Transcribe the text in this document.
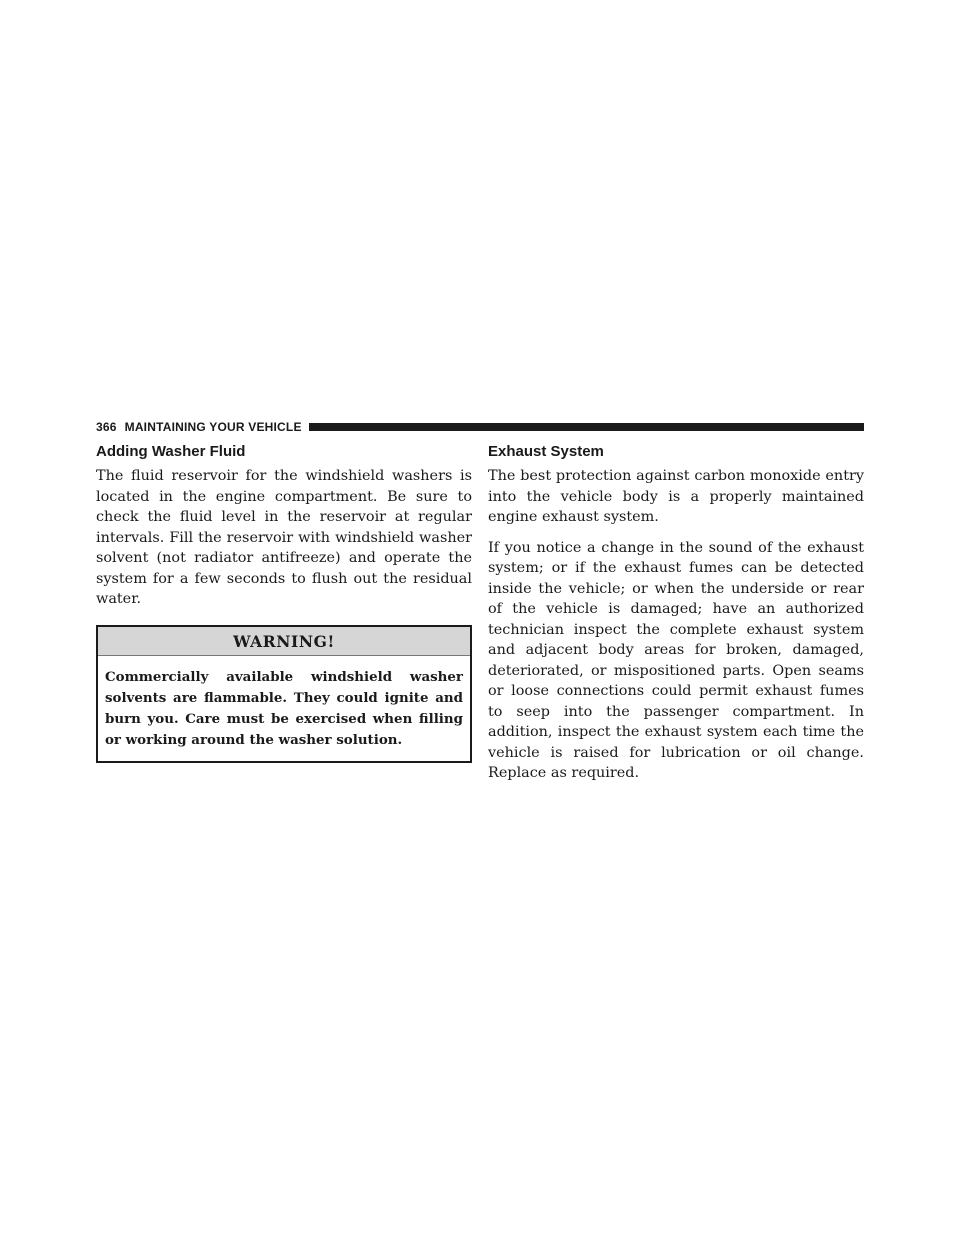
366 MAINTAINING YOUR VEHICLE
Adding Washer Fluid

The fluid reservoir for the windshield washers is located in the engine compartment. Be sure to check the fluid level in the reservoir at regular intervals. Fill the reservoir with windshield washer solvent (not radiator antifreeze) and operate the system for a few seconds to flush out the residual water.

WARNING!
Commercially available windshield washer solvents are flammable. They could ignite and burn you. Care must be exercised when filling or working around the washer solution.
Exhaust System

The best protection against carbon monoxide entry into the vehicle body is a properly maintained engine exhaust system.

If you notice a change in the sound of the exhaust system; or if the exhaust fumes can be detected inside the vehicle; or when the underside or rear of the vehicle is damaged; have an authorized technician inspect the complete exhaust system and adjacent body areas for broken, damaged, deteriorated, or mispositioned parts. Open seams or loose connections could permit exhaust fumes to seep into the passenger compartment. In addition, inspect the exhaust system each time the vehicle is raised for lubrication or oil change. Replace as required.
